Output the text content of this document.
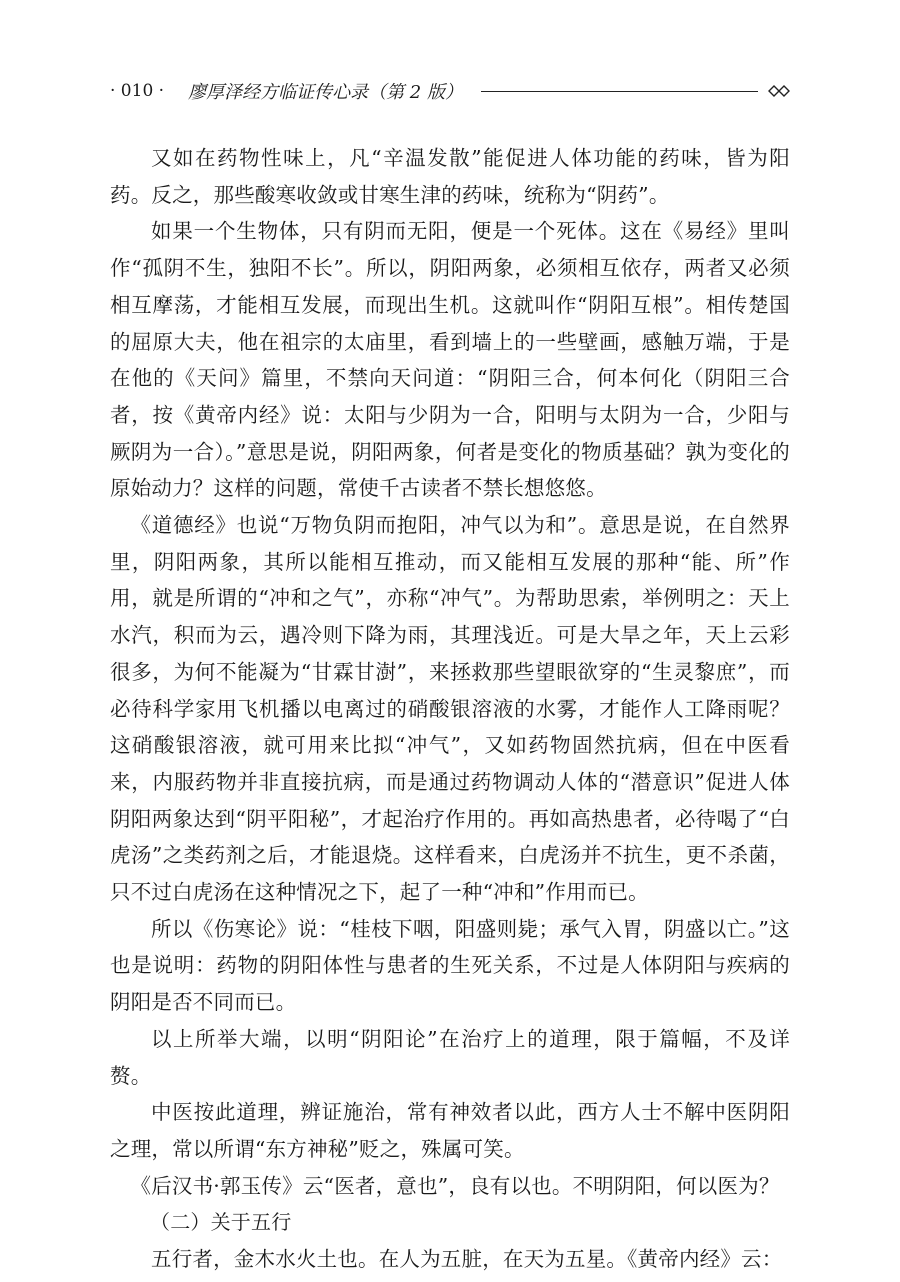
· 010 · 廖厚泽经方临证传心录（第 2 版）

又如在药物性味上，凡“辛温发散”能促进人体功能的药味，皆为阳药。反之，那些酸寒收敛或甘寒生津的药味，统称为“阴药”。

如果一个生物体，只有阴而无阳，便是一个死体。这在《易经》里叫作“孤阴不生，独阳不长”。所以，阴阳两象，必须相互依存，两者又必须相互摩荡，才能相互发展，而现出生机。这就叫作“阴阳互根”。相传楚国的屈原大夫，他在祖宗的太庙里，看到墙上的一些壁画，感触万端，于是在他的《天问》篇里，不禁向天问道：“阴阳三合，何本何化（阴阳三合者，按《黄帝内经》说：太阳与少阴为一合，阳明与太阴为一合，少阳与厥阴为一合）。”意思是说，阴阳两象，何者是变化的物质基础？孰为变化的原始动力？这样的问题，常使千古读者不禁长想悠悠。

《道德经》也说“万物负阴而抱阳，冲气以为和”。意思是说，在自然界里，阴阳两象，其所以能相互推动，而又能相互发展的那种“能、所”作用，就是所谓的“冲和之气”，亦称“冲气”。为帮助思索，举例明之：天上水汽，积而为云，遇冷则下降为雨，其理浅近。可是大旱之年，天上云彩很多，为何不能凝为“甘霖甘澍”，来拯救那些望眼欲穿的“生灵黎庶”，而必待科学家用飞机播以电离过的硝酸银溶液的水雾，才能作人工降雨呢？这硝酸银溶液，就可用来比拟“冲气”，又如药物固然抗病，但在中医看来，内服药物并非直接抗病，而是通过药物调动人体的“潜意识”促进人体阴阳两象达到“阴平阳秘”，才起治疗作用的。再如高热患者，必待喝了“白虎汤”之类药剂之后，才能退烧。这样看来，白虎汤并不抗生，更不杀菌，只不过白虎汤在这种情况之下，起了一种“冲和”作用而已。

所以《伤寒论》说：“桂枝下咽，阳盛则毙；承气入胃，阴盛以亡。”这也是说明：药物的阴阳体性与患者的生死关系，不过是人体阴阳与疾病的阴阳是否不同而已。

以上所举大端，以明“阴阳论”在治疗上的道理，限于篇幅，不及详赘。

中医按此道理，辨证施治，常有神效者以此，西方人士不解中医阴阳之理，常以所谓“东方神秘”贬之，殊属可笑。

《后汉书·郭玉传》云“医者，意也”，良有以也。不明阴阳，何以医为？

（二）关于五行

五行者，金木水火土也。在人为五脏，在天为五星。《黄帝内经》云：
